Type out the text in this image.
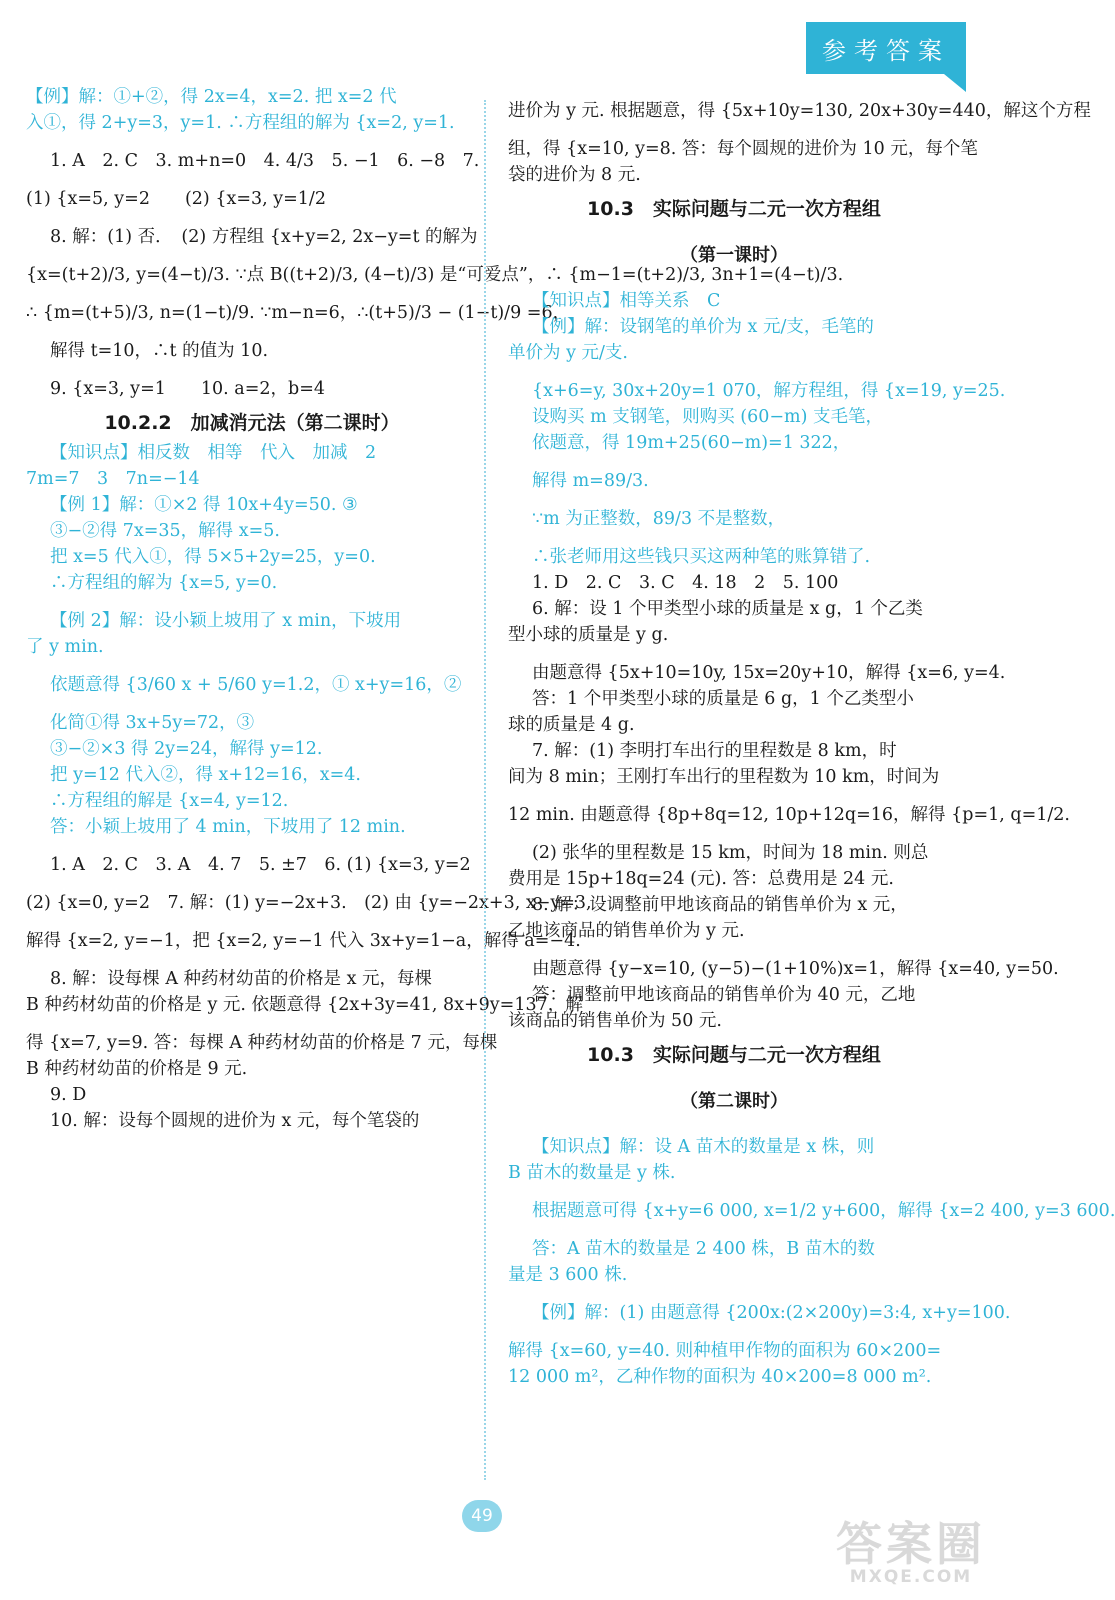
参考答案

【例】解：①+②，得 2x=4，x=2. 把 x=2 代

入①，得 2+y=3，y=1. ∴方程组的解为 {x=2, y=1.

1. A　2. C　3. m+n=0　4. 4/3　5. −1　6. −8　7.

(1) {x=5, y=2　　(2) {x=3, y=1/2

8. 解：(1) 否．　(2) 方程组 {x+y=2, 2x−y=t 的解为

{x=(t+2)/3, y=(4−t)/3. ∵点 B((t+2)/3, (4−t)/3) 是“可爱点”，∴ {m−1=(t+2)/3, 3n+1=(4−t)/3.

∴ {m=(t+5)/3, n=(1−t)/9. ∵m−n=6，∴(t+5)/3 − (1−t)/9 =6，

解得 t=10，∴t 的值为 10.

9. {x=3, y=1　　10. a=2，b=4

10.2.2　加减消元法（第二课时）

【知识点】相反数　相等　代入　加减　2

7m=7　3　7n=−14

【例 1】解：①×2 得 10x+4y=50. ③

③−②得 7x=35，解得 x=5.

把 x=5 代入①，得 5×5+2y=25，y=0.

∴方程组的解为 {x=5, y=0.

【例 2】解：设小颖上坡用了 x min，下坡用

了 y min.

依题意得 {3/60 x + 5/60 y=1.2，① x+y=16，②

化简①得 3x+5y=72，③

③−②×3 得 2y=24，解得 y=12.

把 y=12 代入②，得 x+12=16，x=4.

∴方程组的解是 {x=4, y=12.

答：小颖上坡用了 4 min，下坡用了 12 min.

1. A　2. C　3. A　4. 7　5. ±7　6. (1) {x=3, y=2

(2) {x=0, y=2　7. 解：(1) y=−2x+3.　(2) 由 {y=−2x+3, x−y=3,

解得 {x=2, y=−1，把 {x=2, y=−1 代入 3x+y=1−a，解得 a=−4.

8. 解：设每棵 A 种药材幼苗的价格是 x 元，每棵

B 种药材幼苗的价格是 y 元. 依题意得 {2x+3y=41, 8x+9y=137，解

得 {x=7, y=9. 答：每棵 A 种药材幼苗的价格是 7 元，每棵

B 种药材幼苗的价格是 9 元.

9. D

10. 解：设每个圆规的进价为 x 元，每个笔袋的

进价为 y 元. 根据题意，得 {5x+10y=130, 20x+30y=440，解这个方程

组，得 {x=10, y=8. 答：每个圆规的进价为 10 元，每个笔

袋的进价为 8 元.

10.3　实际问题与二元一次方程组

（第一课时）

【知识点】相等关系　C

【例】解：设钢笔的单价为 x 元/支，毛笔的

单价为 y 元/支.

{x+6=y, 30x+20y=1 070，解方程组，得 {x=19, y=25.

设购买 m 支钢笔，则购买 (60−m) 支毛笔，

依题意，得 19m+25(60−m)=1 322，

解得 m=89/3.

∵m 为正整数，89/3 不是整数，

∴张老师用这些钱只买这两种笔的账算错了.

1. D　2. C　3. C　4. 18　2　5. 100

6. 解：设 1 个甲类型小球的质量是 x g，1 个乙类

型小球的质量是 y g.

由题意得 {5x+10=10y, 15x=20y+10，解得 {x=6, y=4.

答：1 个甲类型小球的质量是 6 g，1 个乙类型小

球的质量是 4 g.

7. 解：(1) 李明打车出行的里程数是 8 km，时

间为 8 min；王刚打车出行的里程数为 10 km，时间为

12 min. 由题意得 {8p+8q=12, 10p+12q=16，解得 {p=1, q=1/2.

(2) 张华的里程数是 15 km，时间为 18 min. 则总

费用是 15p+18q=24 (元). 答：总费用是 24 元.

8. 解：设调整前甲地该商品的销售单价为 x 元，

乙地该商品的销售单价为 y 元.

由题意得 {y−x=10, (y−5)−(1+10%)x=1，解得 {x=40, y=50.

答：调整前甲地该商品的销售单价为 40 元，乙地

该商品的销售单价为 50 元.

10.3　实际问题与二元一次方程组

（第二课时）

【知识点】解：设 A 苗木的数量是 x 株，则

B 苗木的数量是 y 株.

根据题意可得 {x+y=6 000, x=1/2 y+600，解得 {x=2 400, y=3 600.

答：A 苗木的数量是 2 400 株，B 苗木的数

量是 3 600 株.

【例】解：(1) 由题意得 {200x:(2×200y)=3:4, x+y=100.

解得 {x=60, y=40. 则种植甲作物的面积为 60×200=

12 000 m²，乙种作物的面积为 40×200=8 000 m².

49
答案圈
MXQE.COM
